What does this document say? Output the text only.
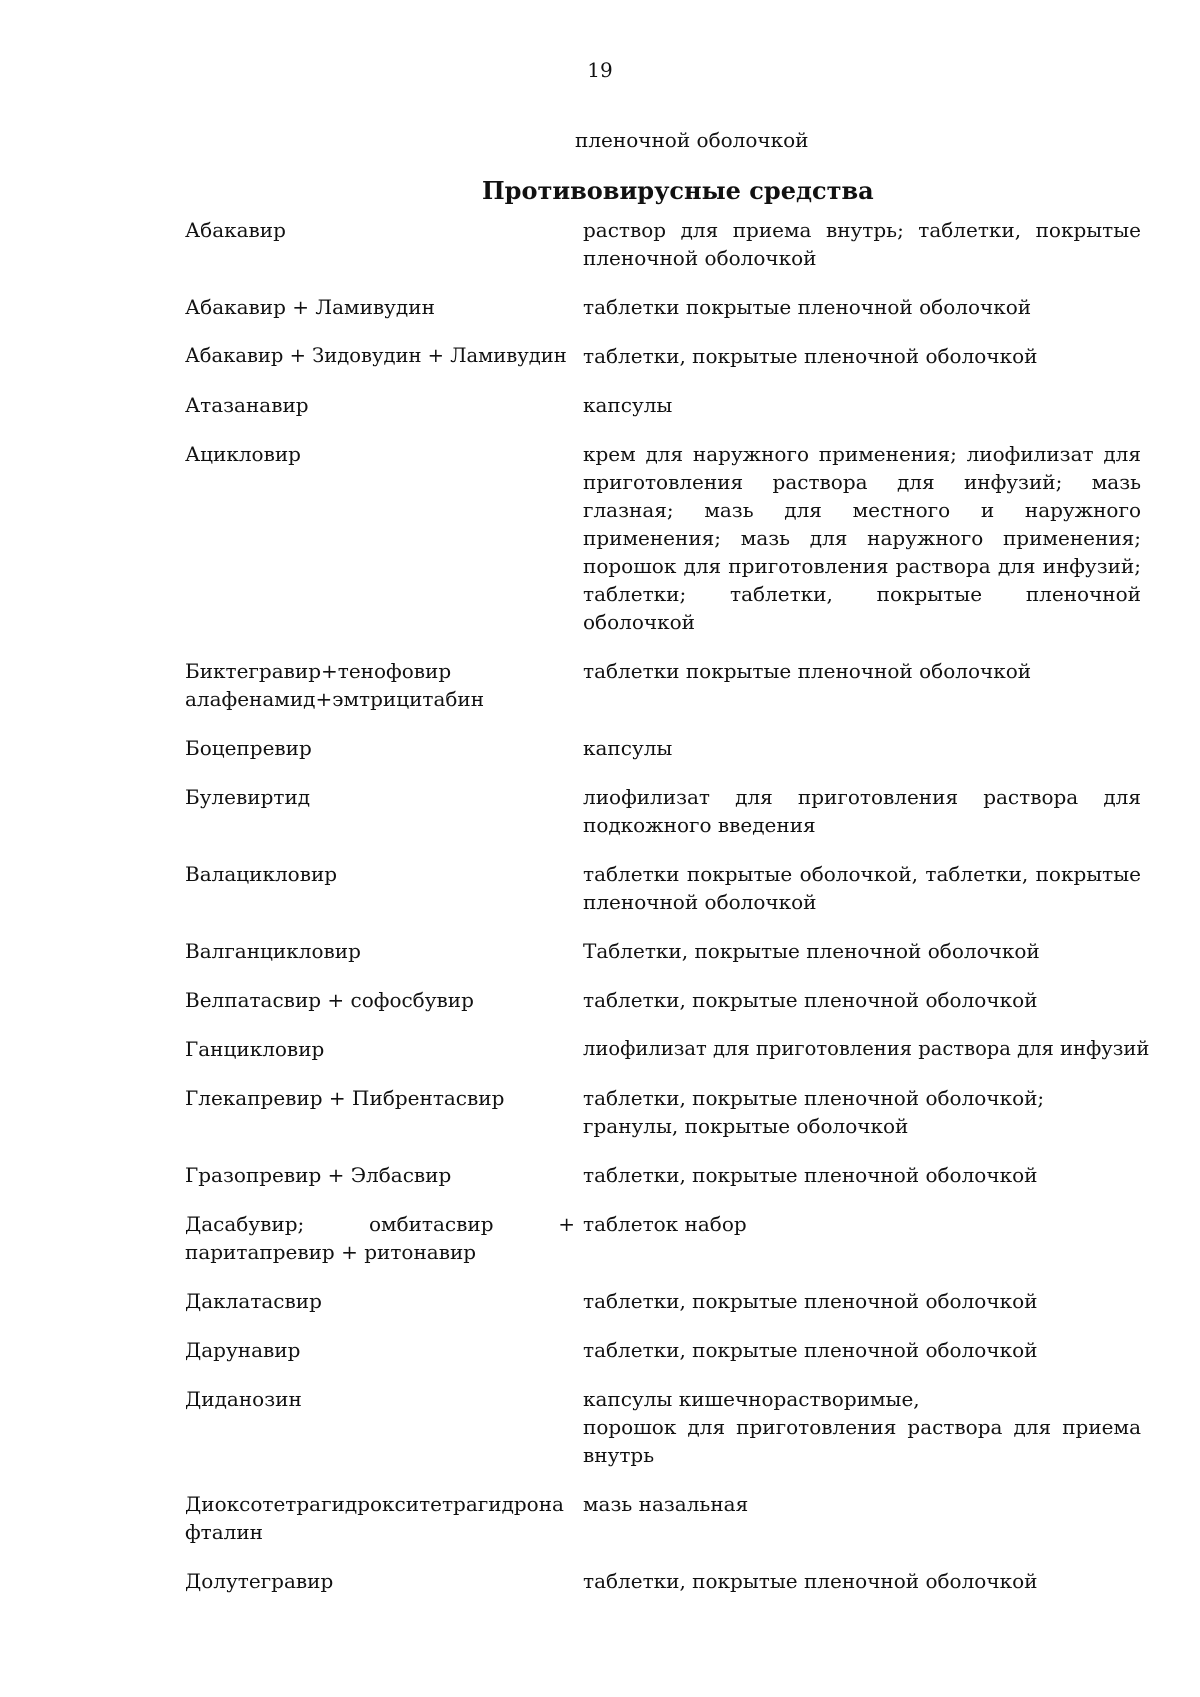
19
пленочной оболочкой
Противовирусные средства
Абакавир	раствор для приема внутрь; таблетки, покрытые пленочной оболочкой
Абакавир + Ламивудин	таблетки покрытые пленочной оболочкой
Абакавир + Зидовудин + Ламивудин	таблетки, покрытые пленочной оболочкой
Атазанавир	капсулы
Ацикловир	крем для наружного применения; лиофилизат для приготовления раствора для инфузий; мазь глазная; мазь для местного и наружного применения; мазь для наружного применения; порошок для приготовления раствора для инфузий; таблетки; таблетки, покрытые пленочной оболочкой
Биктегравир+тенофовир алафенамид+эмтрицитабин	таблетки покрытые пленочной оболочкой
Боцепревир	капсулы
Булевиртид	лиофилизат для приготовления раствора для подкожного введения
Валацикловир	таблетки покрытые оболочкой, таблетки, покрытые пленочной оболочкой
Валганцикловир	Таблетки, покрытые пленочной оболочкой
Велпатасвир + софосбувир	таблетки, покрытые пленочной оболочкой
Ганцикловир	лиофилизат для приготовления раствора для инфузий
Глекапревир + Пибрентасвир	таблетки, покрытые пленочной оболочкой;
гранулы, покрытые оболочкой
Гразопревир + Элбасвир	таблетки, покрытые пленочной оболочкой
Дасабувир; омбитасвир + паритапревир + ритонавир	таблеток набор
Даклатасвир	таблетки, покрытые пленочной оболочкой
Дарунавир	таблетки, покрытые пленочной оболочкой
Диданозин	капсулы кишечнорастворимые,
порошок для приготовления раствора для приема внутрь
Диоксотетрагидрокситетрагидронафталин	мазь назальная
Долутегравир	таблетки, покрытые пленочной оболочкой
